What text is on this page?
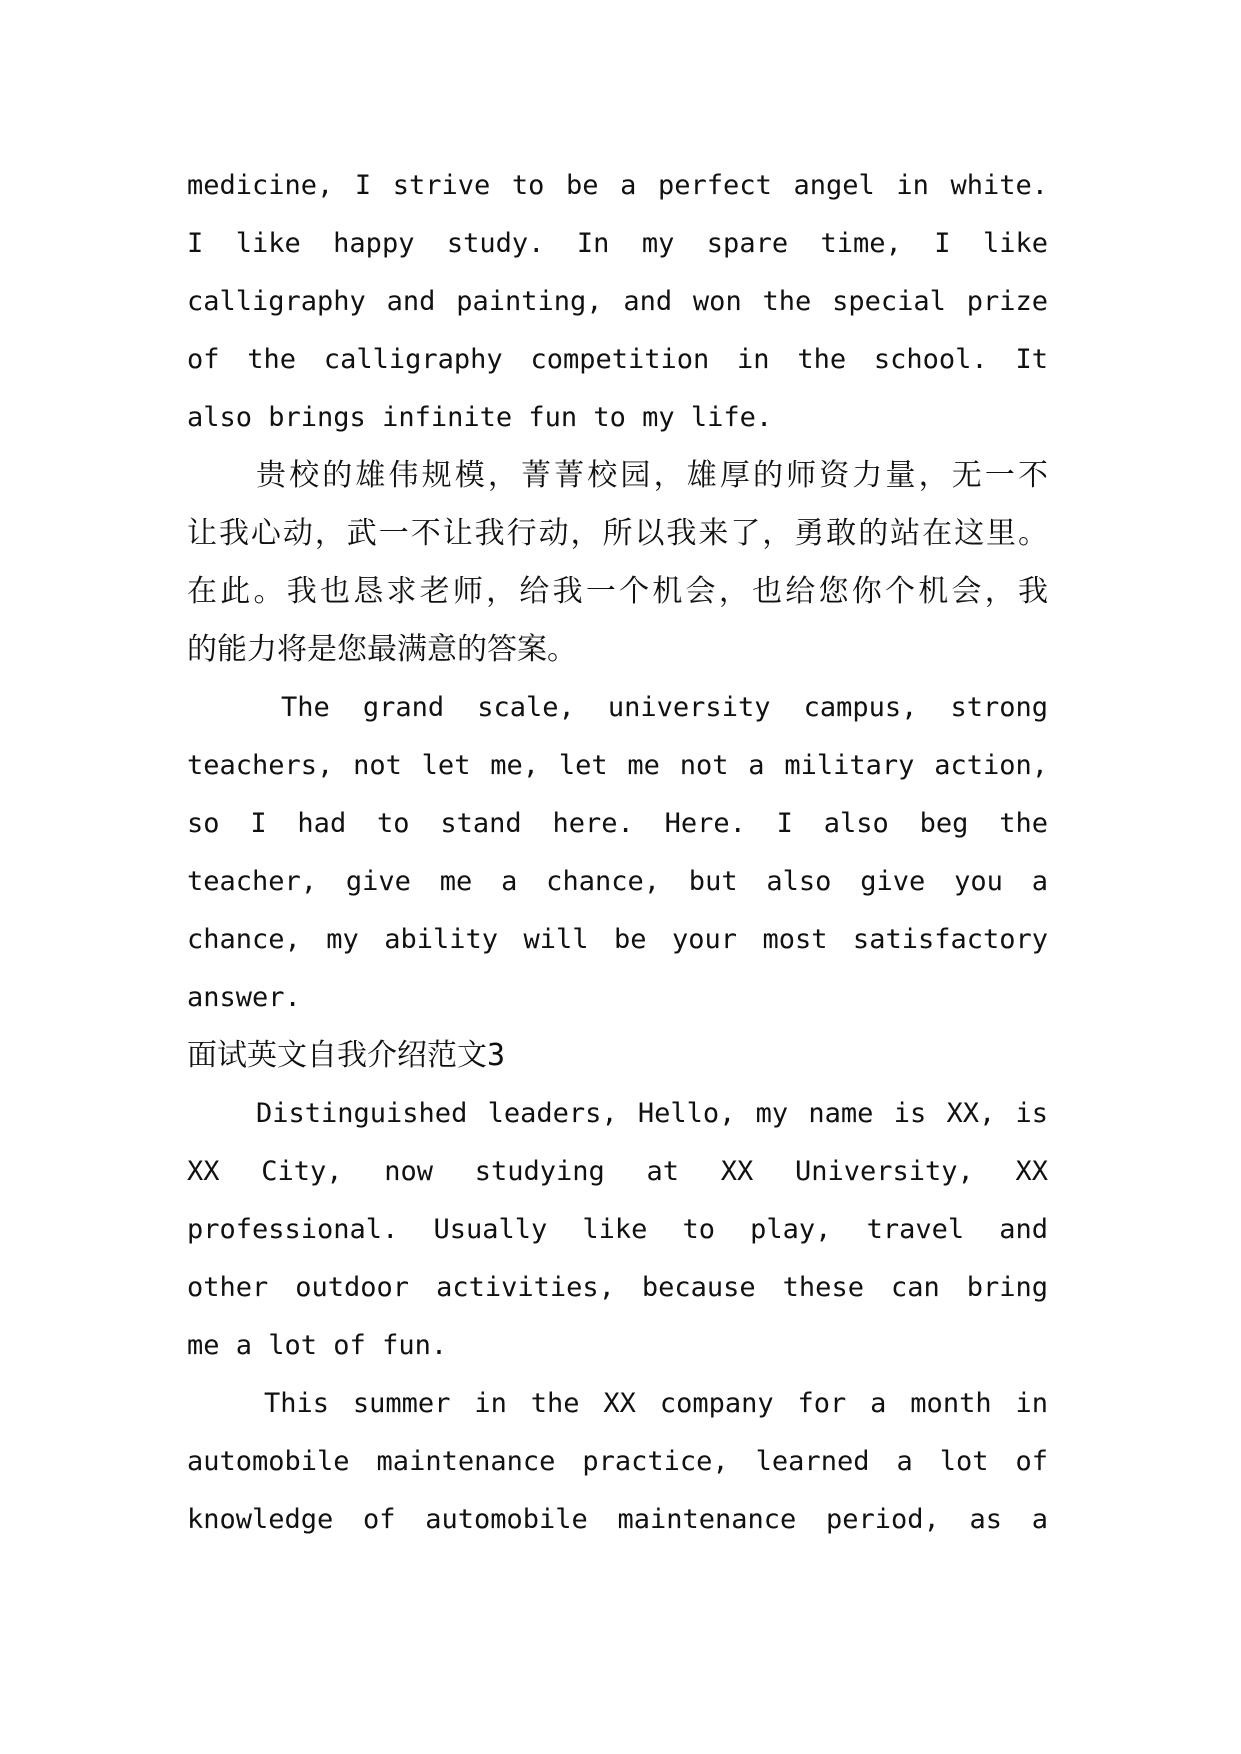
medicine, I strive to be a perfect angel in white.
I like happy study. In my spare time, I like
calligraphy and painting, and won the special prize
of the calligraphy competition in the school. It
also brings infinite fun to my life.
贵校的雄伟规模，菁菁校园，雄厚的师资力量，无一不
让我心动，武一不让我行动，所以我来了，勇敢的站在这里。
在此。我也恳求老师，给我一个机会，也给您你个机会，我
的能力将是您最满意的答案。
The grand scale, university campus, strong
teachers, not let me, let me not a military action,
so I had to stand here. Here. I also beg the
teacher, give me a chance, but also give you a
chance, my ability will be your most satisfactory
answer.
面试英文自我介绍范文3
Distinguished leaders, Hello, my name is XX, is
XX City, now studying at XX University, XX
professional. Usually like to play, travel and
other outdoor activities, because these can bring
me a lot of fun.
This summer in the XX company for a month in
automobile maintenance practice, learned a lot of
knowledge of automobile maintenance period, as a
